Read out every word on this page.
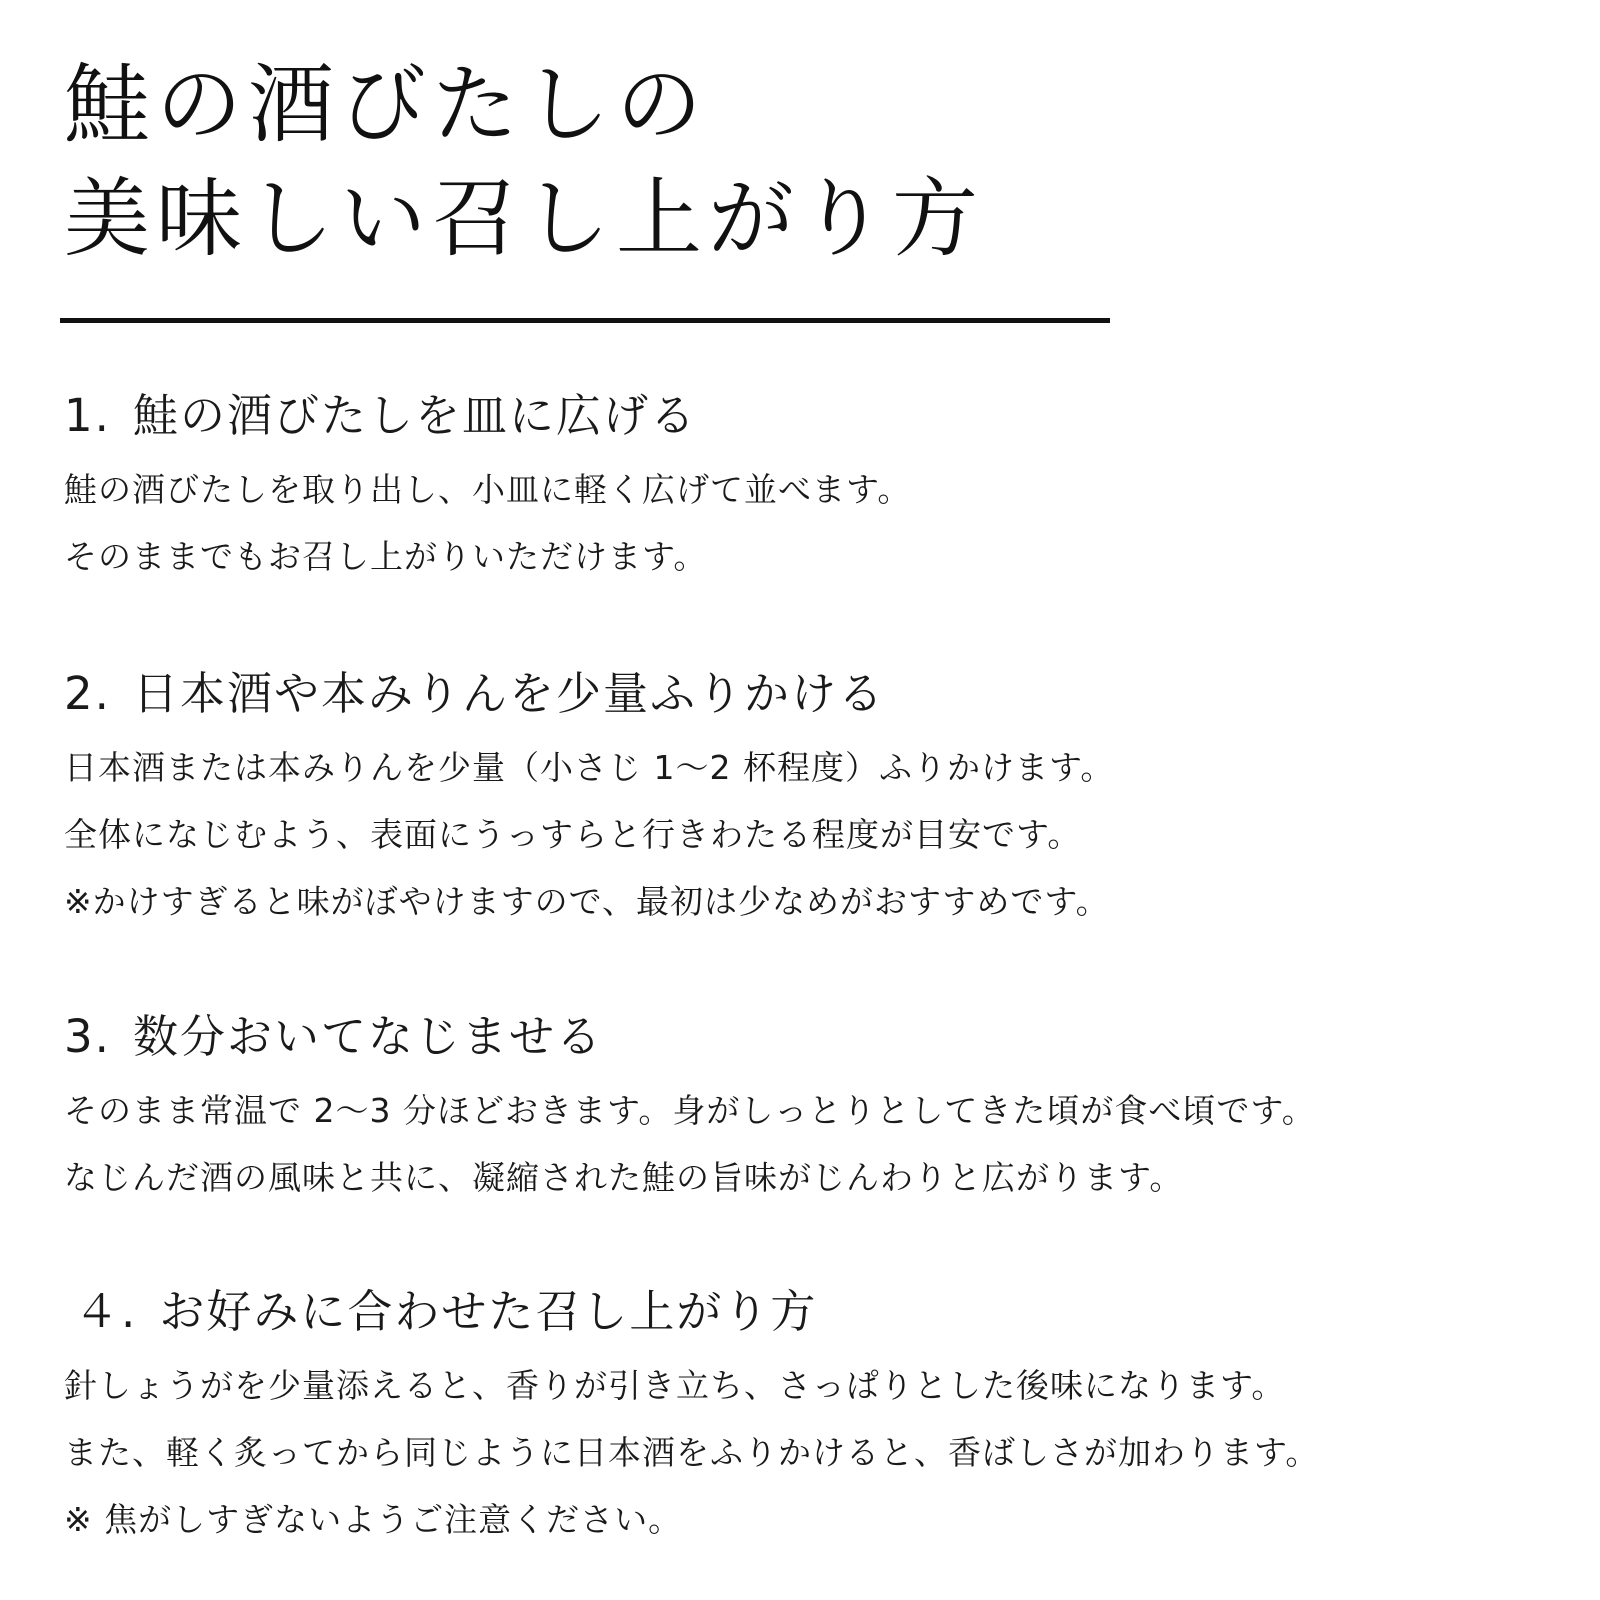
鮭の酒びたしの
美味しい召し上がり方
1. 鮭の酒びたしを皿に広げる

鮭の酒びたしを取り出し、小皿に軽く広げて並べます。

そのままでもお召し上がりいただけます。

2. 日本酒や本みりんを少量ふりかける

日本酒または本みりんを少量（小さじ 1〜2 杯程度）ふりかけます。

全体になじむよう、表面にうっすらと行きわたる程度が目安です。

※かけすぎると味がぼやけますので、最初は少なめがおすすめです。

3. 数分おいてなじませる

そのまま常温で 2〜3 分ほどおきます。身がしっとりとしてきた頃が食べ頃です。

なじんだ酒の風味と共に、凝縮された鮭の旨味がじんわりと広がります。

４. お好みに合わせた召し上がり方

針しょうがを少量添えると、香りが引き立ち、さっぱりとした後味になります。

また、軽く炙ってから同じように日本酒をふりかけると、香ばしさが加わります。

※ 焦がしすぎないようご注意ください。
